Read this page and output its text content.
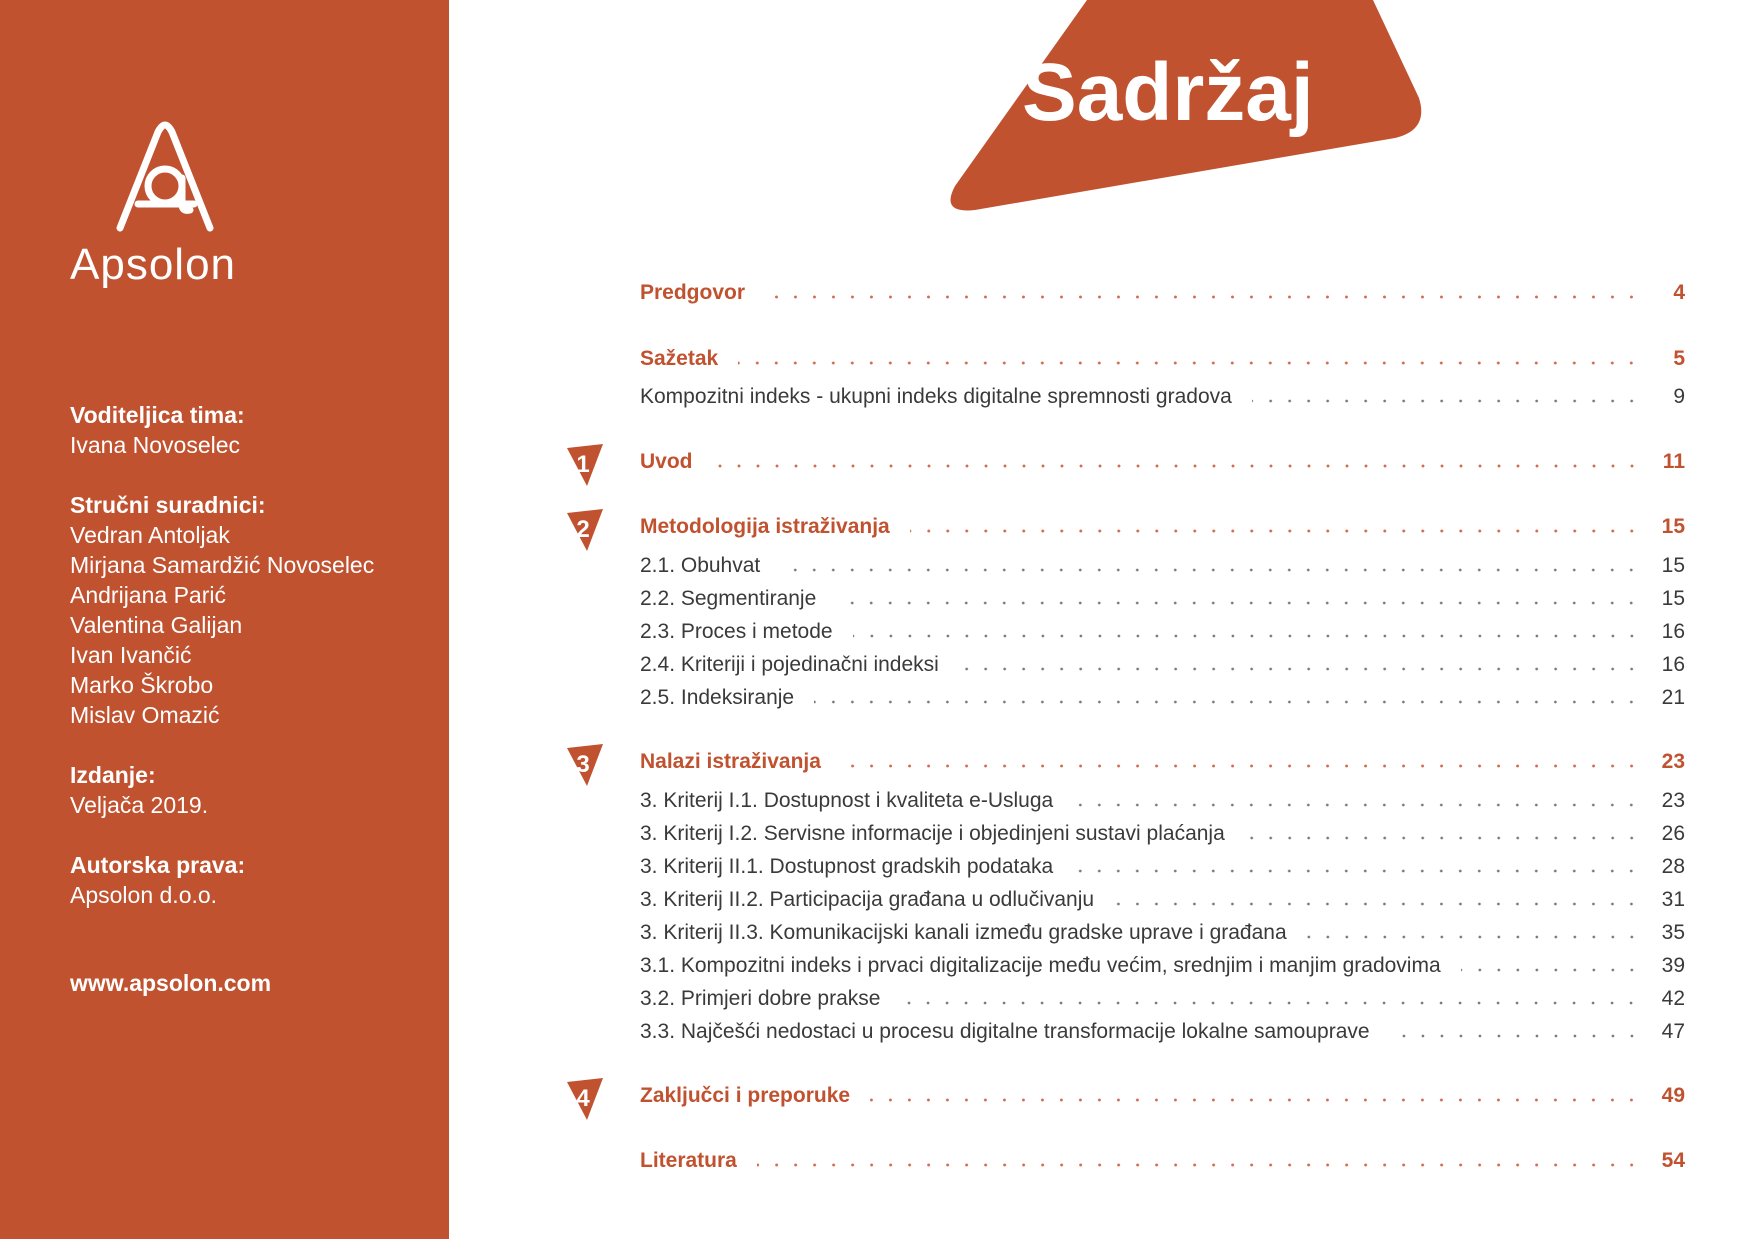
Apsolon
Voditeljica tima:
Ivana Novoselec
Stručni suradnici:
Vedran Antoljak
Mirjana Samardžić Novoselec
Andrijana Parić
Valentina Galijan
Ivan Ivančić
Marko Škrobo
Mislav Omazić
Izdanje:
Veljača 2019.
Autorska prava:
Apsolon d.o.o.
www.apsolon.com
Sadržaj
Predgovor	4
Sažetak	5
Kompozitni indeks - ukupni indeks digitalne spremnosti gradova	9
1 Uvod	11
2 Metodologija istraživanja	15
2.1. Obuhvat	15
2.2. Segmentiranje	15
2.3. Proces i metode	16
2.4. Kriteriji i pojedinačni indeksi	16
2.5. Indeksiranje	21
3 Nalazi istraživanja	23
3. Kriterij I.1. Dostupnost i kvaliteta e-Usluga	23
3. Kriterij I.2. Servisne informacije i objedinjeni sustavi plaćanja	26
3. Kriterij II.1. Dostupnost gradskih podataka	28
3. Kriterij II.2. Participacija građana u odlučivanju	31
3. Kriterij II.3. Komunikacijski kanali između gradske uprave i građana	35
3.1. Kompozitni indeks i prvaci digitalizacije među većim, srednjim i manjim gradovima	39
3.2. Primjeri dobre prakse	42
3.3. Najčešći nedostaci u procesu digitalne transformacije lokalne samouprave	47
4 Zaključci i preporuke	49
Literatura	54
